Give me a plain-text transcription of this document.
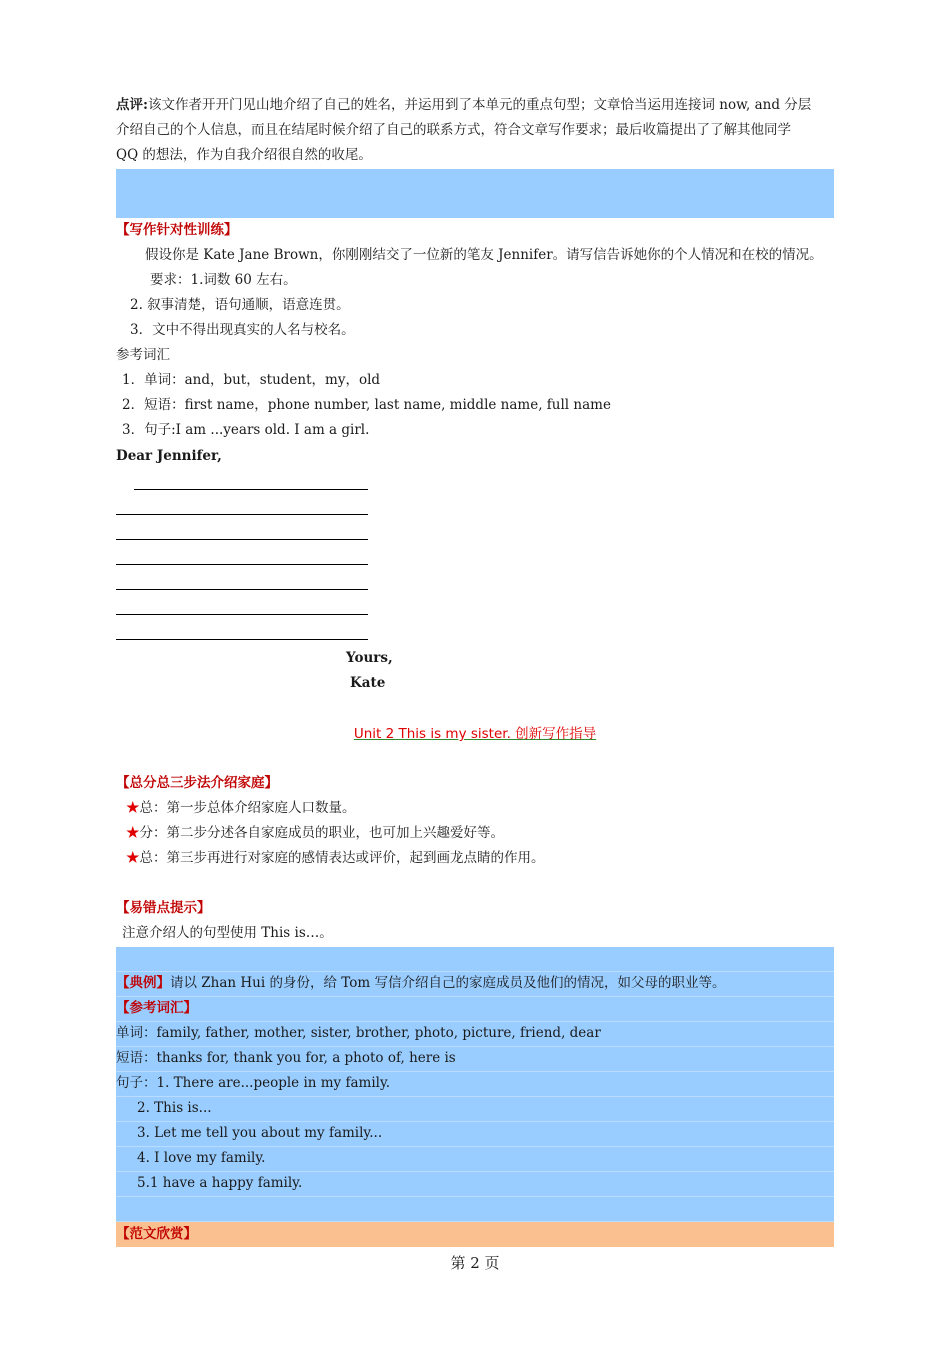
点评:该文作者开开门见山地介绍了自己的姓名，并运用到了本单元的重点句型；文章恰当运用连接词 now, and 分层
介绍自己的个人信息，而且在结尾时候介绍了自己的联系方式，符合文章写作要求；最后收篇提出了了解其他同学
QQ 的想法，作为自我介绍很自然的收尾。
【写作针对性训练】
假设你是 Kate Jane Brown，你刚刚结交了一位新的笔友 Jennifer。请写信告诉她你的个人情况和在校的情况。
要求：1.词数 60 左右。
2. 叙事清楚，语句通顺，语意连贯。
3．文中不得出现真实的人名与校名。
参考词汇
1．单词：and，but，student，my，old
2．短语：first name，phone number, last name, middle name, full name
3．句子:I am ...years old. I am a girl.
Dear Jennifer,
Yours,
Kate
Unit 2 This is my sister. 创新写作指导
【总分总三步法介绍家庭】
★总：第一步总体介绍家庭人口数量。
★分：第二步分述各自家庭成员的职业，也可加上兴趣爱好等。
★总：第三步再进行对家庭的感情表达或评价，起到画龙点睛的作用。
【易错点提示】
注意介绍人的句型使用 This is…。
【典例】请以 Zhan Hui 的身份，给 Tom 写信介绍自己的家庭成员及他们的情况，如父母的职业等。
【参考词汇】
单词：family, father, mother, sister, brother, photo, picture, friend, dear
短语：thanks for, thank you for, a photo of, here is
句子：1. There are...people in my family.
2. This is...
3. Let me tell you about my family...
4. I love my family.
5.1 have a happy family.
【范文欣赏】
第 2 页
